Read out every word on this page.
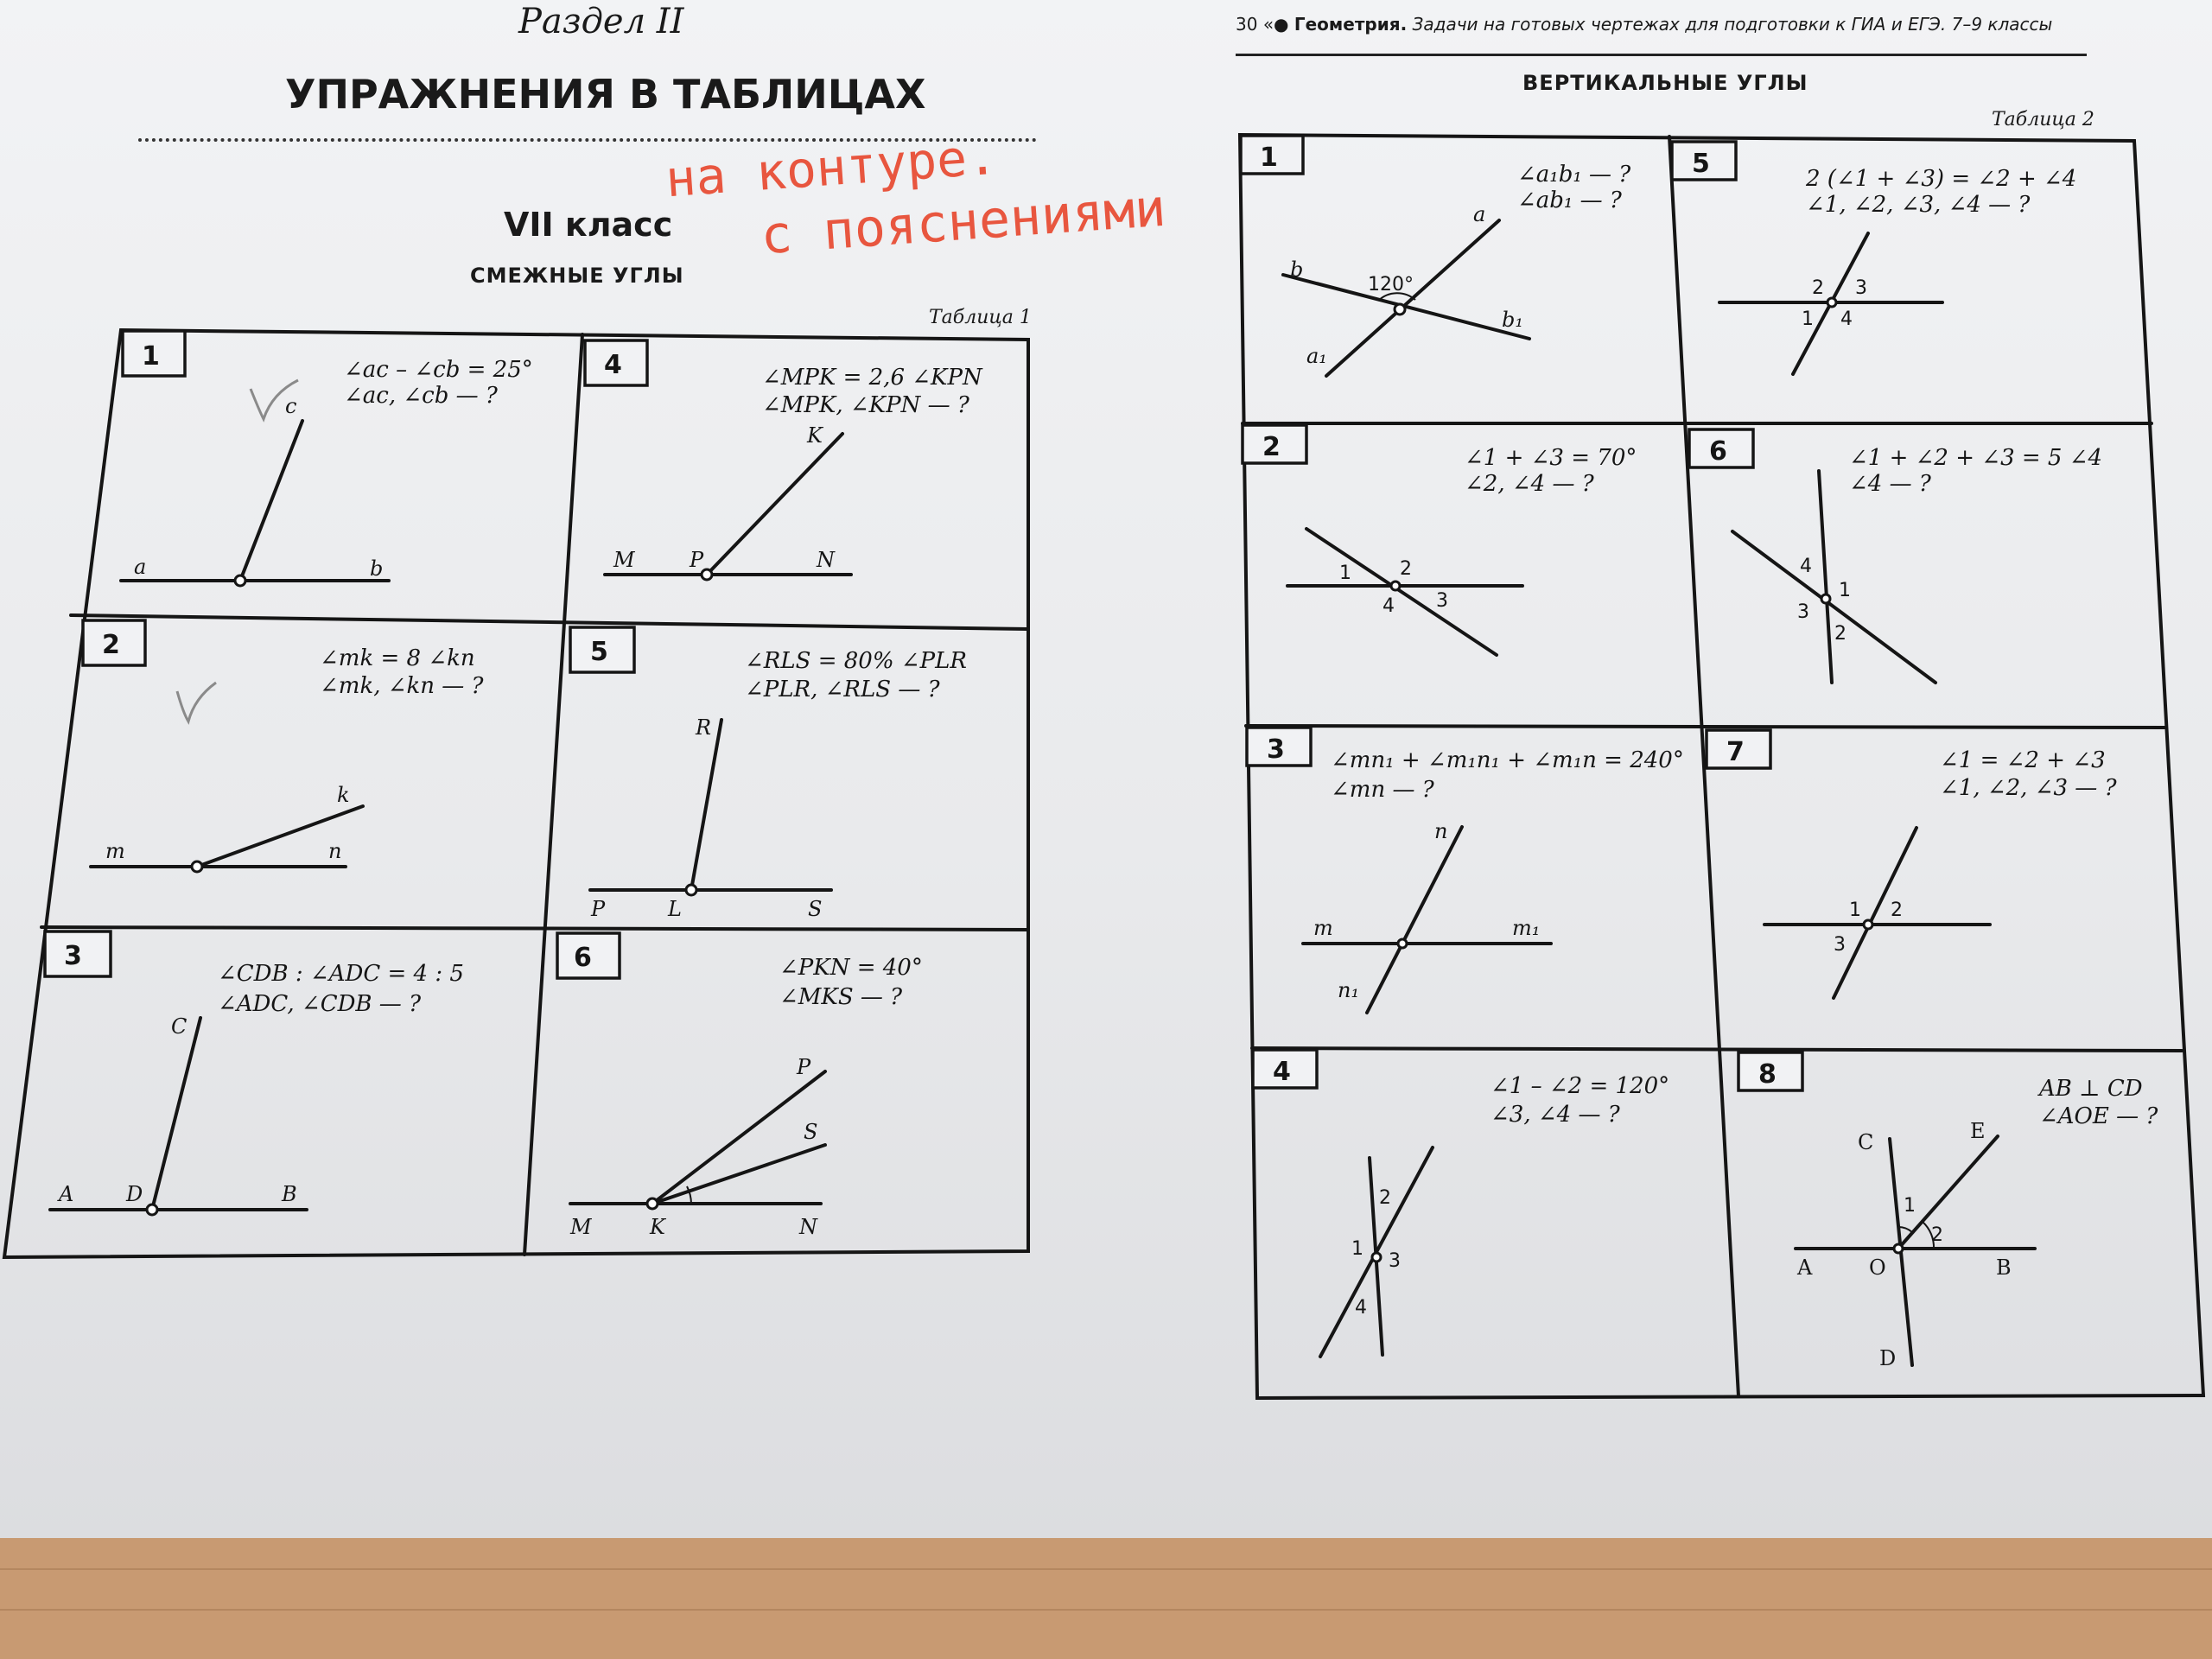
Раздел II
УПРАЖНЕНИЯ В ТАБЛИЦАХ
VII класс
СМЕЖНЫЕ УГЛЫ
Таблица 1
на контуре.
с пояснениями
30 «● Геометрия. Задачи на готовых чертежах для подготовки к ГИА и ЕГЭ. 7–9 классы
ВЕРТИКАЛЬНЫЕ УГЛЫ
Таблица 2
1	∠ac – ∠cb = 25°
∠ac, ∠cb — ?
c
a	b
2	∠mk = 8 ∠kn
∠mk, ∠kn — ?
k
m	n
3
∠CDB : ∠ADC = 4 : 5
∠ADC, ∠CDB — ?
C
A	D	B
4	∠MPK = 2,6 ∠KPN
∠MPK, ∠KPN — ?
K
M	P	N
5	∠RLS = 80% ∠PLR
∠PLR, ∠RLS — ?
R
P	L	S
6	∠PKN = 40°
∠MKS — ?
P
S
M	K	N
1
∠a₁b₁ — ?
∠ab₁ — ?
120°
a
b
a₁
b₁
5	2 (∠1 + ∠3) = ∠2 + ∠4
∠1, ∠2, ∠3, ∠4 — ?
2 3
1 4
2	∠1 + ∠3 = 70°
∠2, ∠4 — ?
1	2
3
4
6	∠1 + ∠2 + ∠3 = 5 ∠4
∠4 — ?
1
2
3
4
3 ∠mn₁ + ∠m₁n₁ + ∠m₁n = 240°
∠mn — ?
n
m	m₁
n₁
7	∠1 = ∠2 + ∠3
∠1, ∠2, ∠3 — ?
1 2
3
4	∠1 – ∠2 = 120°
∠3, ∠4 — ?
1
2
3
4
8	AB ⊥ CD
∠AOE — ?
C	E
A	O	B
D
1
2
